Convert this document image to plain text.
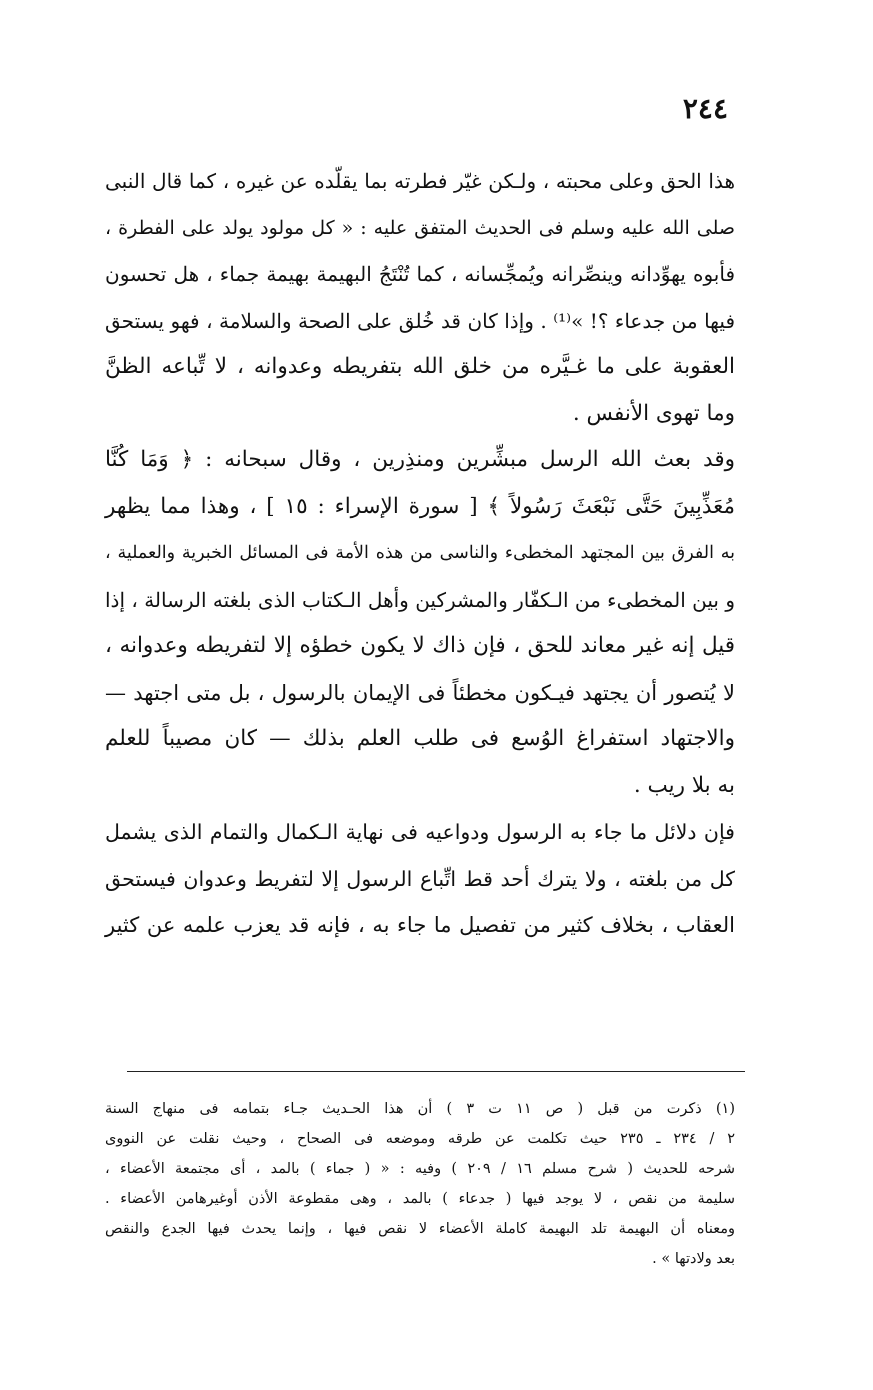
٢٤٤
هذا الحق وعلى محبته ، ولـكن غيّر فطرته بما يقلّده عن غيره ، كما قال النبى
صلى الله عليه وسلم فى الحديث المتفق عليه : « كل مولود يولد على الفطرة ،
فأبوه يهوِّدانه وينصِّرانه ويُمجِّسانه ، كما تُنْتَجُ البهيمة بهيمة جماء ، هل تحسون
فيها من جدعاء ؟! »⁽¹⁾ . وإذا كان قد خُلق على الصحة والسلامة ، فهو يستحق
العقوبة على ما غـيَّره من خلق الله بتفريطه وعدوانه ، لا تِّباعه الظنَّ
وما تهوى الأنفس .
وقد بعث الله الرسل مبشِّرين ومنذِرين ، وقال سبحانه : ﴿ وَمَا كُنَّا
مُعَذِّبِينَ حَتَّى نَبْعَثَ رَسُولاً ﴾ [ سورة الإسراء : ١٥ ] ، وهذا مما يظهر
به الفرق بين المجتهد المخطىء والناسى من هذه الأمة فى المسائل الخبرية والعملية ،
و بين المخطىء من الـكفّار والمشركين وأهل الـكتاب الذى بلغته الرسالة ، إذا
قيل إنه غير معاند للحق ، فإن ذاك لا يكون خطؤه إلا لتفريطه وعدوانه ،
لا يُتصور أن يجتهد فيـكون مخطئاً فى الإيمان بالرسول ، بل متى اجتهد —
والاجتهاد استفراغ الوُسع فى طلب العلم بذلك — كان مصيباً للعلم
به بلا ريب .
فإن دلائل ما جاء به الرسول ودواعيه فى نهاية الـكمال والتمام الذى يشمل
كل من بلغته ، ولا يترك أحد قط اتِّباع الرسول إلا لتفريط وعدوان فيستحق
العقاب ، بخلاف كثير من تفصيل ما جاء به ، فإنه قد يعزب علمه عن كثير
(١) ذكرت من قبل ( ص ١١ ت ٣ ) أن هذا الحـديث جـاء بتمامه فى منهاج السنة
٢ / ٢٣٤ ـ ٢٣٥ حيث تكلمت عن طرقه وموضعه فى الصحاح ، وحيث نقلت عن النووى
شرحه للحديث ( شرح مسلم ١٦ / ٢٠٩ ) وفيه : « ( جماء ) بالمد ، أى مجتمعة الأعضاء ،
سليمة من نقص ، لا يوجد فيها ( جدعاء ) بالمد ، وهى مقطوعة الأذن أوغيرهامن الأعضاء .
ومعناه أن البهيمة تلد البهيمة كاملة الأعضاء لا نقص فيها ، وإنما يحدث فيها الجدع والنقص
بعد ولادتها » .
